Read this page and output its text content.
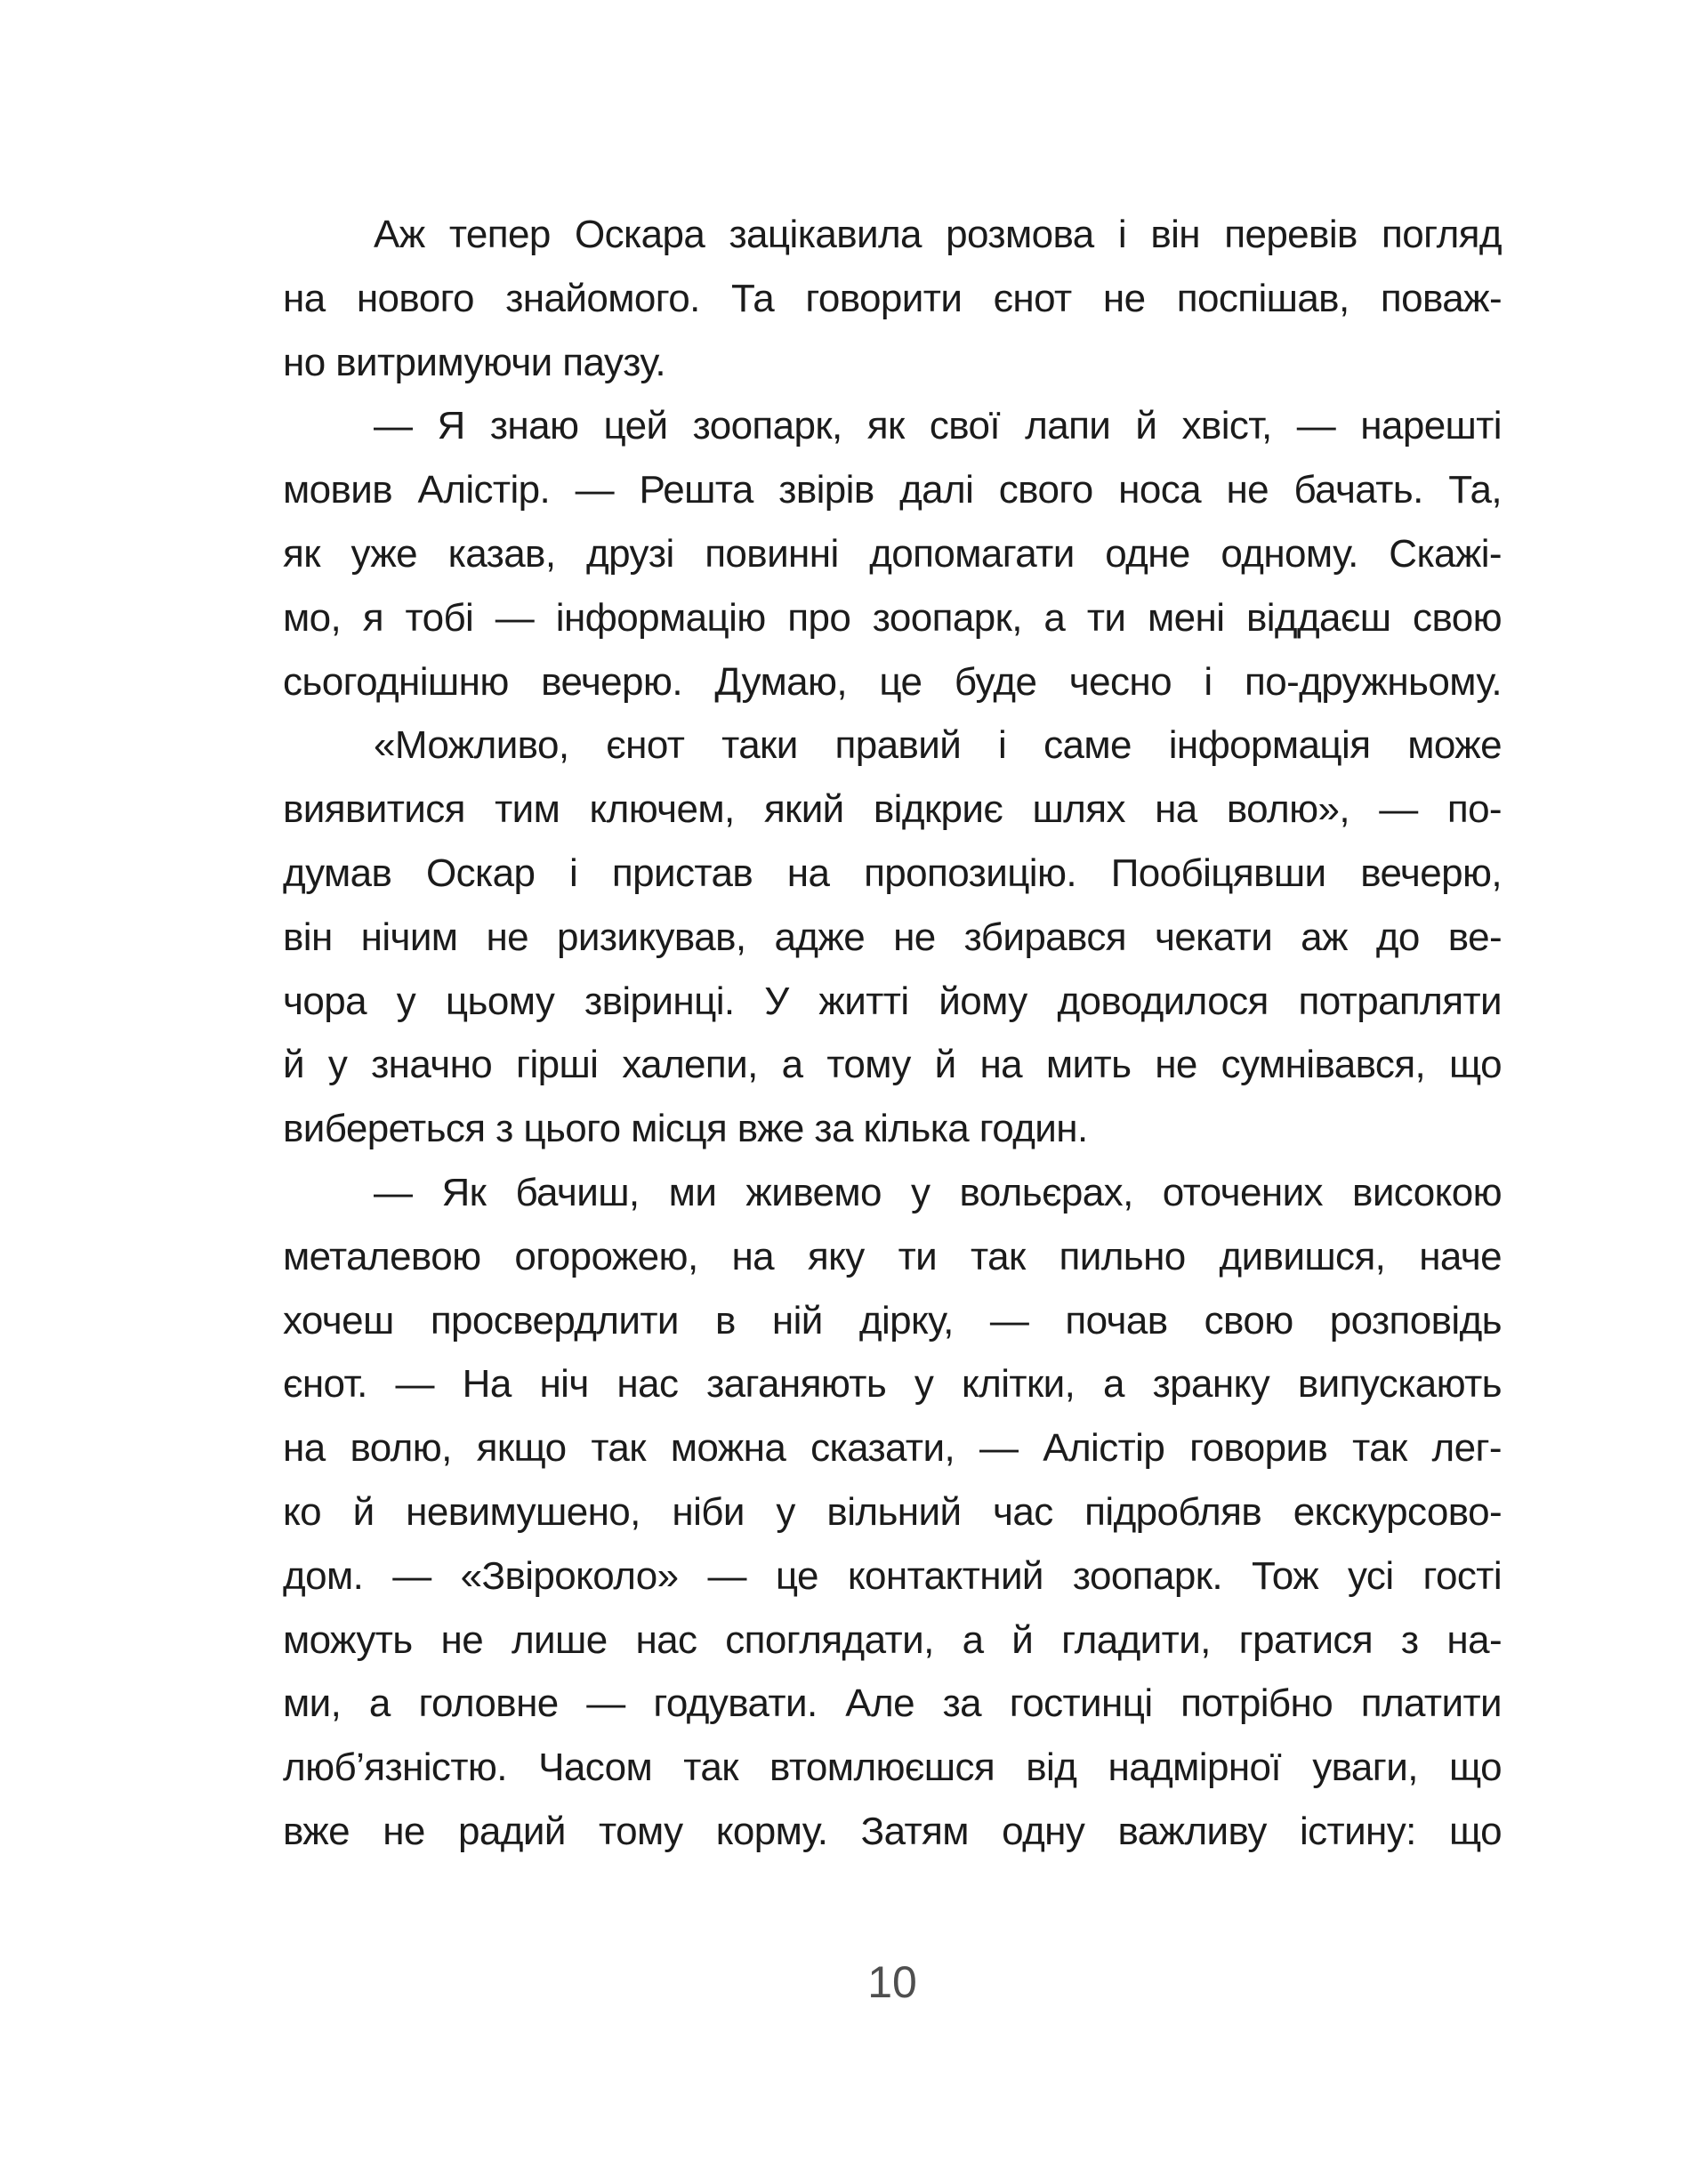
Аж тепер Оскара зацікавила розмова і він перевів погляд
на нового знайомого. Та говорити єнот не поспішав, поваж-
но витримуючи паузу.
— Я знаю цей зоопарк, як свої лапи й хвіст, — нарешті
мовив Алістір. — Решта звірів далі свого носа не бачать. Та,
як уже казав, друзі повинні допомагати одне одному. Скажі-
мо, я тобі — інформацію про зоопарк, а ти мені віддаєш свою
сьогоднішню вечерю. Думаю, це буде чесно і по-дружньому.
«Можливо, єнот таки правий і саме інформація може
виявитися тим ключем, який відкриє шлях на волю», — по-
думав Оскар і пристав на пропозицію. Пообіцявши вечерю,
він нічим не ризикував, адже не збирався чекати аж до ве-
чора у цьому звіринці. У житті йому доводилося потрапляти
й у значно гірші халепи, а тому й на мить не сумнівався, що
вибереться з цього місця вже за кілька годин.
— Як бачиш, ми живемо у вольєрах, оточених високою
металевою огорожею, на яку ти так пильно дивишся, наче
хочеш просвердлити в ній дірку, — почав свою розповідь
єнот. — На ніч нас заганяють у клітки, а зранку випускають
на волю, якщо так можна сказати, — Алістір говорив так лег-
ко й невимушено, ніби у вільний час підробляв екскурсово-
дом. — «Звіроколо» — це контактний зоопарк. Тож усі гості
можуть не лише нас споглядати, а й гладити, гратися з на-
ми, а головне — годувати. Але за гостинці потрібно платити
люб’язністю. Часом так втомлюєшся від надмірної уваги, що
вже не радий тому корму. Затям одну важливу істину: що
10
